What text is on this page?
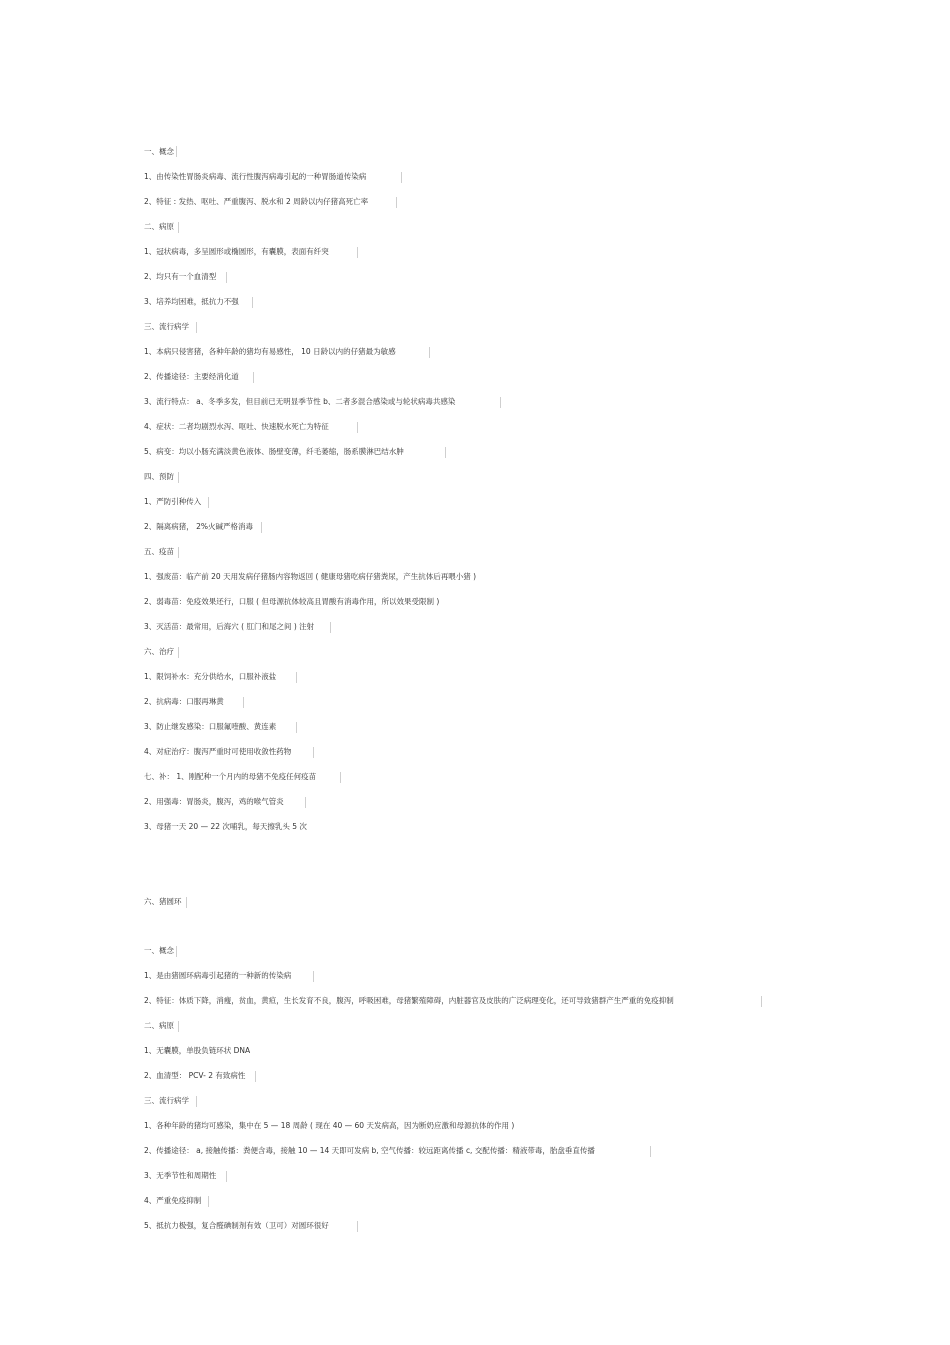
一、概念
1、由传染性胃肠炎病毒、流行性腹泻病毒引起的一种胃肠道传染病
2、特征 : 发热、呕吐、严重腹泻、脱水和 2 周龄以内仔猪高死亡率
二、病原
1、冠状病毒，多呈圆形或椭圆形，有囊膜，表面有纤突
2、均只有一个血清型
3、培养均困难，抵抗力不强
三、流行病学
1、本病只侵害猪，各种年龄的猪均有易感性， 10 日龄以内的仔猪最为敏感
2、传播途径：主要经消化道
3、流行特点： a、冬季多发，但目前已无明显季节性 b、二者多混合感染或与轮状病毒共感染
4、症状：二者均剧烈水泻、呕吐、快速脱水死亡为特征
5、病变：均以小肠充满淡黄色液体、肠壁变薄，纤毛萎缩，肠系膜淋巴结水肿
四、预防
1、严防引种传入
2、隔离病猪， 2%火碱严格消毒
五、疫苗
1、强废苗：临产前 20 天用发病仔猪肠内容物返回 ( 健康母猪吃病仔猪粪尿，产生抗体后再喂小猪 )
2、弱毒苗：免疫效果还行，口服 ( 但母源抗体较高且胃酸有消毒作用，所以效果受限制 )
3、灭活苗：最常用，后海穴 ( 肛门和尾之间 ) 注射
六、治疗
1、限饲补水：充分供给水，口服补液盐
2、抗病毒：口服再琳黄
3、防止继发感染：口服氟喹酸、黄连素
4、对症治疗：腹泻严重时可使用收敛性药物
七、补： 1、刚配种一个月内的母猪不免疫任何疫苗
2、用强毒：胃肠炎，腹泻，鸡的喉气管炎
3、母猪一天 20 — 22 次哺乳，每天擦乳头 5 次
六、猪圆环
一、概念
1、是由猪圆环病毒引起猪的一种新的传染病
2、特征：体质下降，消瘦，贫血，黄疸，生长发育不良，腹泻，呼吸困难，母猪繁殖障碍，内脏器官及皮肤的广泛病理变化，还可导致猪群产生严重的免疫抑制
二、病原
1、无囊膜，单股负链环状 DNA
2、血清型： PCV- 2 有致病性
三、流行病学
1、各种年龄的猪均可感染，集中在 5 — 18 周龄 ( 现在 40 — 60 天发病高，因为断奶应激和母源抗体的作用 )
2、传播途径： a, 接触传播：粪便含毒，接触 10 — 14 天即可发病 b, 空气传播：较远距离传播 c, 交配传播：精液带毒，胎盘垂直传播
3、无季节性和周期性
4、严重免疫抑制
5、抵抗力极强，复合醛碘制剂有效（卫可）对圆环很好
